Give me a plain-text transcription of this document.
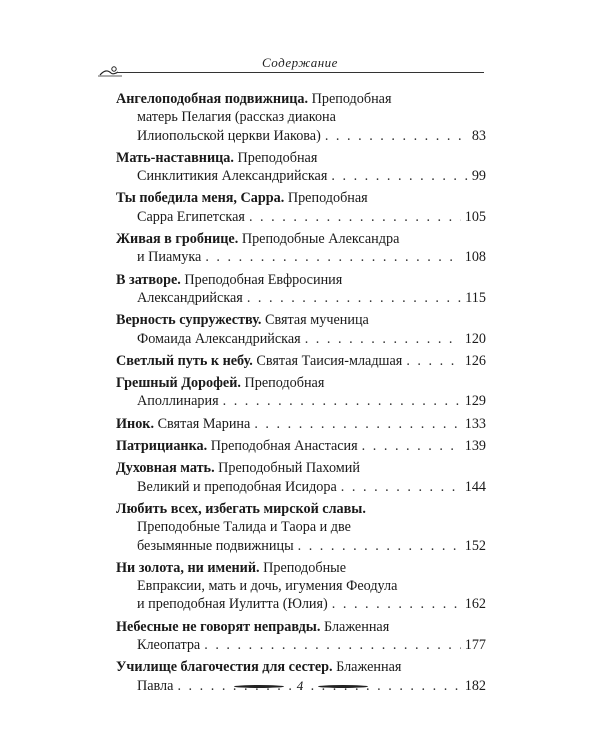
Содержание
Ангелоподобная подвижница. Преподобная
матерь Пелагия (рассказ диакона
Илиопольской церкви Иакова) . . .	83
Мать-наставница. Преподобная
Синклитикия Александрийская . . .	99
Ты победила меня, Сарра. Преподобная
Сарра Египетская . . .	105
Живая в гробнице. Преподобные Александра
и Пиамука . . .	108
В затворе. Преподобная Евфросиния
Александрийская . . .	115
Верность супружеству. Святая мученица
Фомаида Александрийская . . .	120
Светлый путь к небу. Святая Таисия-младшая . . .	126
Грешный Дорофей. Преподобная
Аполлинария . . .	129
Инок. Святая Марина . . .	133
Патрицианка. Преподобная Анастасия . . .	139
Духовная мать. Преподобный Пахомий
Великий и преподобная Исидора . . .	144
Любить всех, избегать мирской славы.
Преподобные Талида и Таора и две
безымянные подвижницы . . .	152
Ни золота, ни имений. Преподобные
Евпраксии, мать и дочь, игумения Феодула
и преподобная Иулитта (Юлия) . . .	162
Небесные не говорят неправды. Блаженная
Клеопатра . . .	177
Училище благочестия для сестер. Блаженная
Павла . . .	182
4
